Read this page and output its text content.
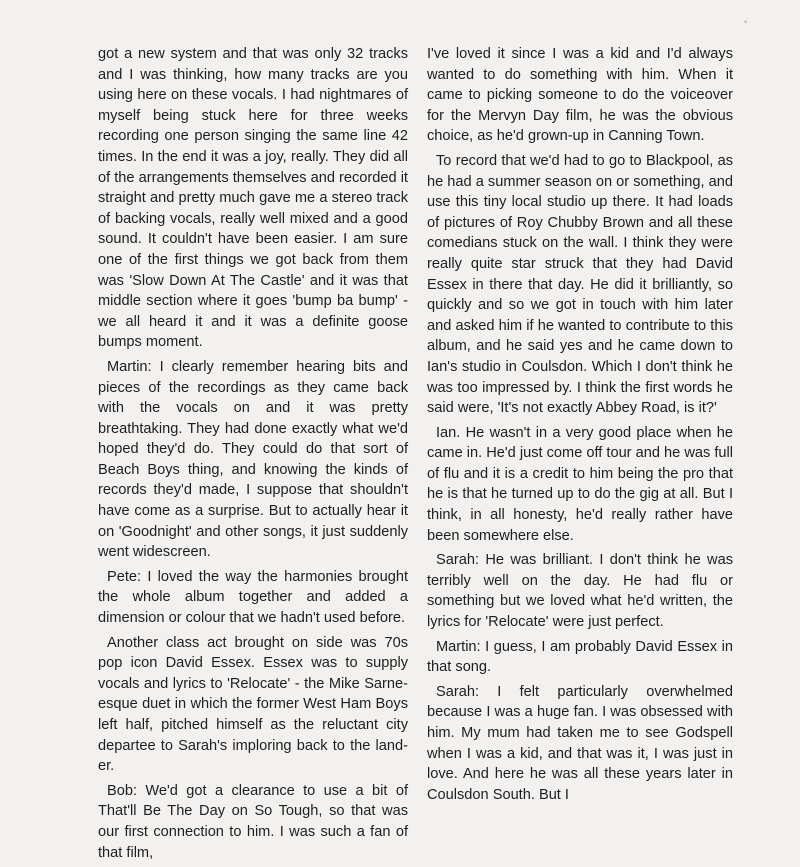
•

got a new system and that was only 32 tracks and I was thinking, how many tracks are you using here on these vocals. I had nightmares of myself being stuck here for three weeks recording one person singing the same line 42 times. In the end it was a joy, really. They did all of the arrangements themselves and recorded it straight and pretty much gave me a stereo track of backing vocals, really well mixed and a good sound. It couldn't have been easier. I am sure one of the first things we got back from them was 'Slow Down At The Castle' and it was that middle section where it goes 'bump ba bump' - we all heard it and it was a definite goose bumps moment.

Martin: I clearly remember hearing bits and pieces of the recordings as they came back with the vocals on and it was pretty breathtaking. They had done exactly what we'd hoped they'd do. They could do that sort of Beach Boys thing, and knowing the kinds of records they'd made, I suppose that shouldn't have come as a surprise. But to actually hear it on 'Goodnight' and other songs, it just suddenly went widescreen.

Pete: I loved the way the harmonies brought the whole album together and added a dimension or colour that we hadn't used before.

Another class act brought on side was 70s pop icon David Essex. Essex was to supply vocals and lyrics to 'Relocate' - the Mike Sarne-esque duet in which the former West Ham Boys left half, pitched himself as the reluctant city departee to Sarah's imploring back to the land-er.

Bob: We'd got a clearance to use a bit of That'll Be The Day on So Tough, so that was our first connection to him. I was such a fan of that film,

I've loved it since I was a kid and I'd always wanted to do something with him. When it came to picking someone to do the voiceover for the Mervyn Day film, he was the obvious choice, as he'd grown-up in Canning Town.

To record that we'd had to go to Blackpool, as he had a summer season on or something, and use this tiny local studio up there. It had loads of pictures of Roy Chubby Brown and all these comedians stuck on the wall. I think they were really quite star struck that they had David Essex in there that day. He did it brilliantly, so quickly and so we got in touch with him later and asked him if he wanted to contribute to this album, and he said yes and he came down to Ian's studio in Coulsdon. Which I don't think he was too impressed by. I think the first words he said were, 'It's not exactly Abbey Road, is it?'

Ian. He wasn't in a very good place when he came in. He'd just come off tour and he was full of flu and it is a credit to him being the pro that he is that he turned up to do the gig at all. But I think, in all honesty, he'd really rather have been somewhere else.

Sarah: He was brilliant. I don't think he was terribly well on the day. He had flu or something but we loved what he'd written, the lyrics for 'Relocate' were just perfect.

Martin: I guess, I am probably David Essex in that song.

Sarah: I felt particularly overwhelmed because I was a huge fan. I was obsessed with him. My mum had taken me to see Godspell when I was a kid, and that was it, I was just in love. And here he was all these years later in Coulsdon South. But I
